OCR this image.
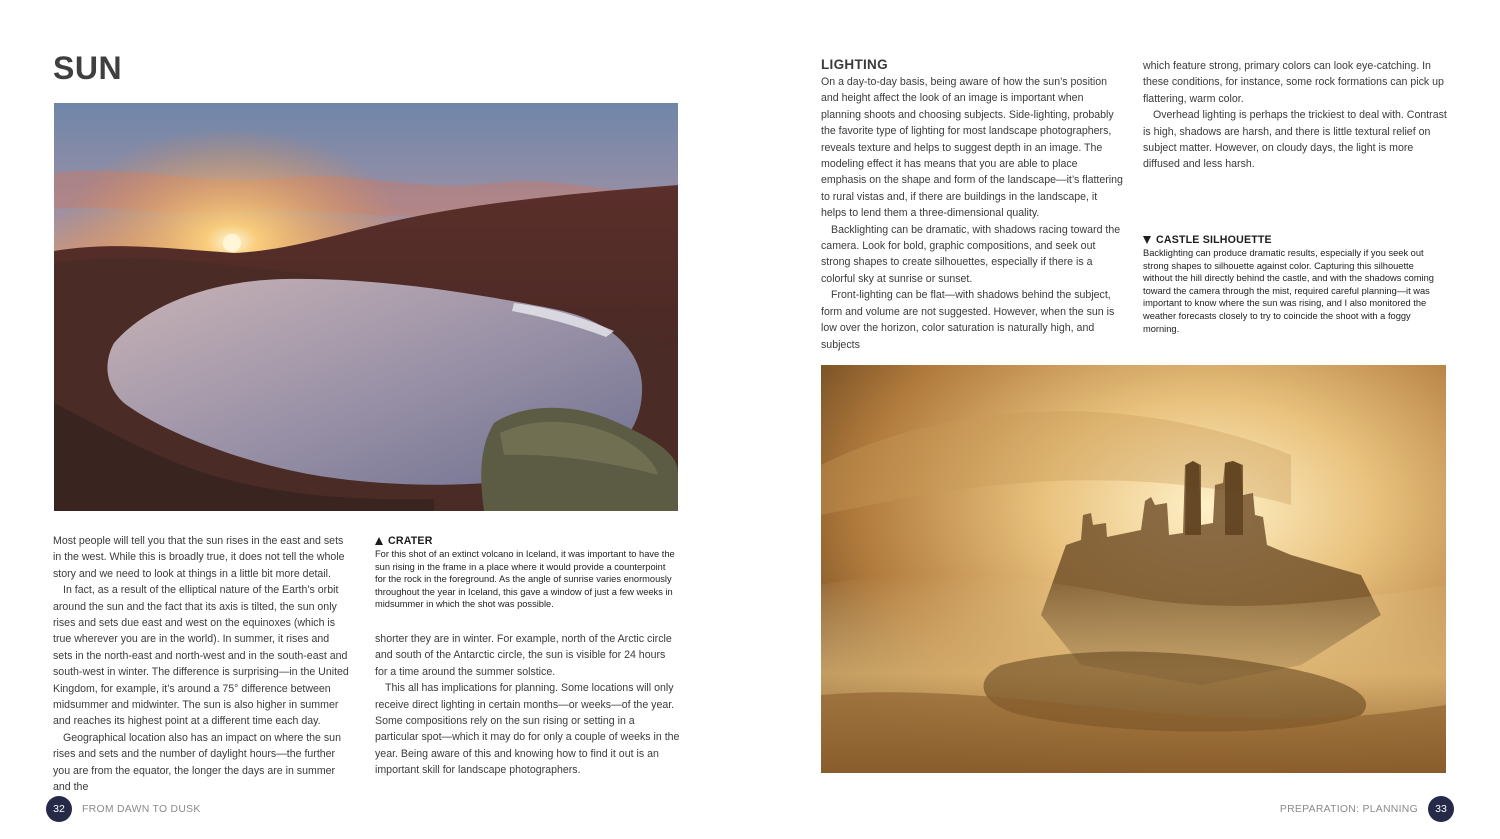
SUN

Most people will tell you that the sun rises in the east and sets in the west. While this is broadly true, it does not tell the whole story and we need to look at things in a little bit more detail.

In fact, as a result of the elliptical nature of the Earth’s orbit around the sun and the fact that its axis is tilted, the sun only rises and sets due east and west on the equinoxes (which is true wherever you are in the world). In summer, it rises and sets in the north-east and north-west and in the south-east and south-west in winter. The difference is surprising—in the United Kingdom, for example, it’s around a 75° difference between midsummer and midwinter. The sun is also higher in summer and reaches its highest point at a different time each day.

Geographical location also has an impact on where the sun rises and sets and the number of daylight hours—the further you are from the equator, the longer the days are in summer and the

CRATER
For this shot of an extinct volcano in Iceland, it was important to have the sun rising in the frame in a place where it would provide a counterpoint for the rock in the foreground. As the angle of sunrise varies enormously throughout the year in Iceland, this gave a window of just a few weeks in midsummer in which the shot was possible.

shorter they are in winter. For example, north of the Arctic circle and south of the Antarctic circle, the sun is visible for 24 hours for a time around the summer solstice.

This all has implications for planning. Some locations will only receive direct lighting in certain months—or weeks—of the year. Some compositions rely on the sun rising or setting in a particular spot—which it may do for only a couple of weeks in the year. Being aware of this and knowing how to find it out is an important skill for landscape photographers.

32	FROM DAWN TO DUSK
LIGHTING

On a day-to-day basis, being aware of how the sun’s position and height affect the look of an image is important when planning shoots and choosing subjects. Side-lighting, probably the favorite type of lighting for most landscape photographers, reveals texture and helps to suggest depth in an image. The modeling effect it has means that you are able to place emphasis on the shape and form of the landscape—it’s flattering to rural vistas and, if there are buildings in the landscape, it helps to lend them a three-dimensional quality.

Backlighting can be dramatic, with shadows racing toward the camera. Look for bold, graphic compositions, and seek out strong shapes to create silhouettes, especially if there is a colorful sky at sunrise or sunset.

Front-lighting can be flat—with shadows behind the subject, form and volume are not suggested. However, when the sun is low over the horizon, color saturation is naturally high, and subjects

which feature strong, primary colors can look eye-catching. In these conditions, for instance, some rock formations can pick up flattering, warm color.

Overhead lighting is perhaps the trickiest to deal with. Contrast is high, shadows are harsh, and there is little textural relief on subject matter. However, on cloudy days, the light is more diffused and less harsh.

CASTLE SILHOUETTE
Backlighting can produce dramatic results, especially if you seek out strong shapes to silhouette against color. Capturing this silhouette without the hill directly behind the castle, and with the shadows coming toward the camera through the mist, required careful planning—it was important to know where the sun was rising, and I also monitored the weather forecasts closely to try to coincide the shoot with a foggy morning.
PREPARATION: PLANNING	33
